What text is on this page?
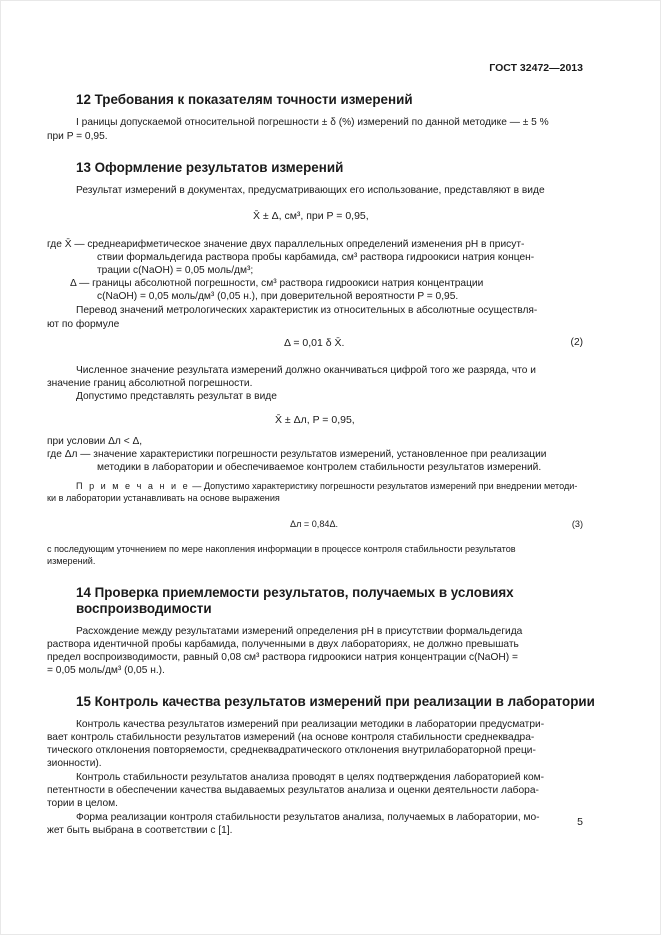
ГОСТ 32472—2013
12 Требования к показателям точности измерений
I раницы допускаемой относительной погрешности ± δ (%) измерений по данной методике — ± 5 %
при P = 0,95.
13 Оформление результатов измерений
Результат измерений в документах, предусматривающих его использование, представляют в виде
X̄ ± Δ, см³, при P = 0,95,
где X̄ — среднеарифметическое значение двух параллельных определений изменения pH в присут-
ствии формальдегида раствора пробы карбамида, см³ раствора гидроокиси натрия концен-
трации c(NaOH) = 0,05 моль/дм³;
Δ — границы абсолютной погрешности, см³ раствора гидроокиси натрия концентрации
c(NaOH) = 0,05 моль/дм³ (0,05 н.), при доверительной вероятности P = 0,95.
Перевод значений метрологических характеристик из относительных в абсолютные осуществля-
ют по формуле
Δ = 0,01 δ X̄.	(2)
Численное значение результата измерений должно оканчиваться цифрой того же разряда, что и
значение границ абсолютной погрешности.
Допустимо представлять результат в виде
X̄ ± Δл, P = 0,95,
при условии Δл < Δ,
где Δл — значение характеристики погрешности результатов измерений, установленное при реализации
методики в лаборатории и обеспечиваемое контролем стабильности результатов измерений.
П р и м е ч а н и е — Допустимо характеристику погрешности результатов измерений при внедрении методи-
ки в лаборатории устанавливать на основе выражения
Δл = 0,84Δ.	(3)
с последующим уточнением по мере накопления информации в процессе контроля стабильности результатов
измерений.
14 Проверка приемлемости результатов, получаемых в условиях
воспроизводимости
Расхождение между результатами измерений определения pH в присутствии формальдегида
раствора идентичной пробы карбамида, полученными в двух лабораториях, не должно превышать
предел воспроизводимости, равный 0,08 см³ раствора гидроокиси натрия концентрации c(NaOH) =
= 0,05 моль/дм³ (0,05 н.).
15 Контроль качества результатов измерений при реализации в лаборатории
Контроль качества результатов измерений при реализации методики в лаборатории предусматри-
вает контроль стабильности результатов измерений (на основе контроля стабильности среднеквадра-
тического отклонения повторяемости, среднеквадратического отклонения внутрилабораторной преци-
зионности).
Контроль стабильности результатов анализа проводят в целях подтверждения лабораторией ком-
петентности в обеспечении качества выдаваемых результатов анализа и оценки деятельности лабора-
тории в целом.
Форма реализации контроля стабильности результатов анализа, получаемых в лаборатории, мо-
жет быть выбрана в соответствии с [1].
5
